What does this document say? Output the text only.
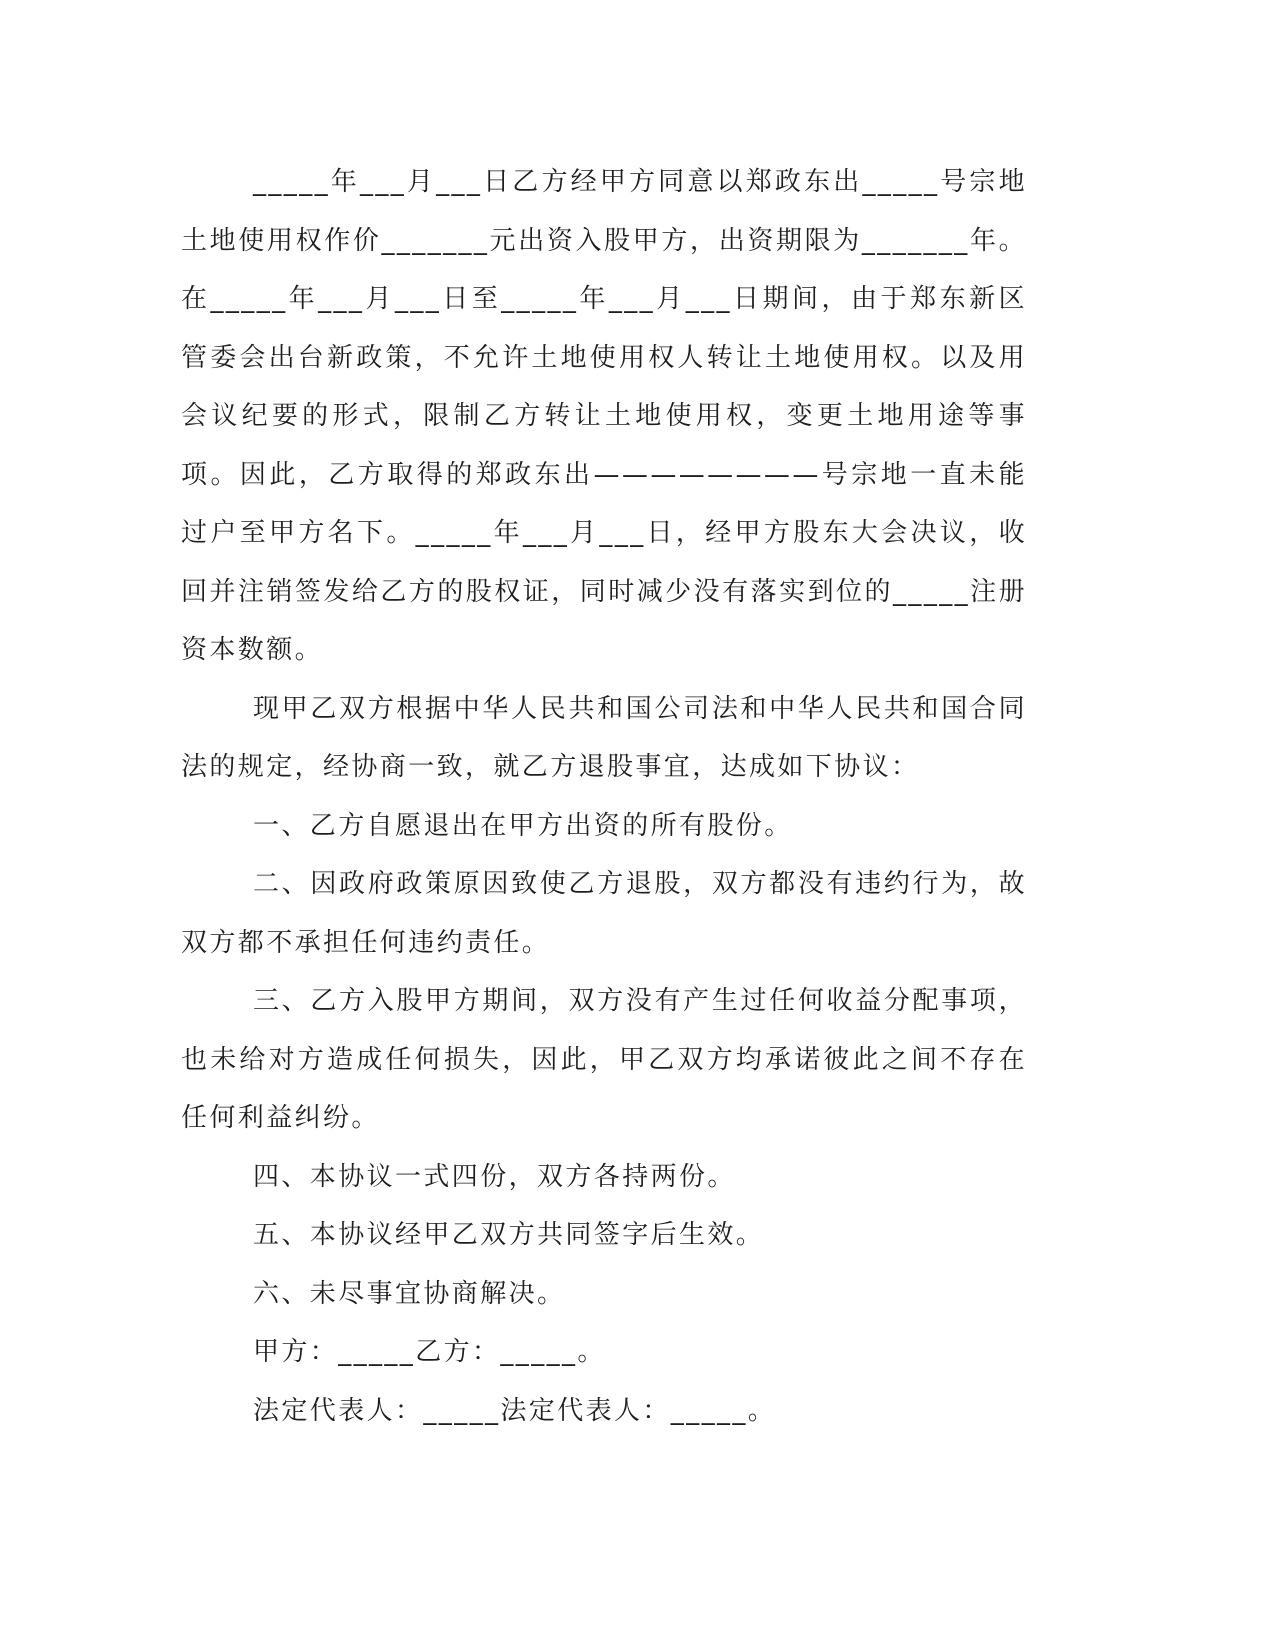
_____年___月___日乙方经甲方同意以郑政东出_____号宗地土地使用权作价_______元出资入股甲方，出资期限为_______年。在_____年___月___日至_____年___月___日期间，由于郑东新区管委会出台新政策，不允许土地使用权人转让土地使用权。以及用会议纪要的形式，限制乙方转让土地使用权，变更土地用途等事项。因此，乙方取得的郑政东出————————号宗地一直未能过户至甲方名下。_____年___月___日，经甲方股东大会决议，收回并注销签发给乙方的股权证，同时减少没有落实到位的_____注册资本数额。

现甲乙双方根据中华人民共和国公司法和中华人民共和国合同法的规定，经协商一致，就乙方退股事宜，达成如下协议：

一、乙方自愿退出在甲方出资的所有股份。

二、因政府政策原因致使乙方退股，双方都没有违约行为，故双方都不承担任何违约责任。

三、乙方入股甲方期间，双方没有产生过任何收益分配事项，也未给对方造成任何损失，因此，甲乙双方均承诺彼此之间不存在任何利益纠纷。

四、本协议一式四份，双方各持两份。

五、本协议经甲乙双方共同签字后生效。

六、未尽事宜协商解决。

甲方：_____乙方：_____。

法定代表人：_____法定代表人：_____。
